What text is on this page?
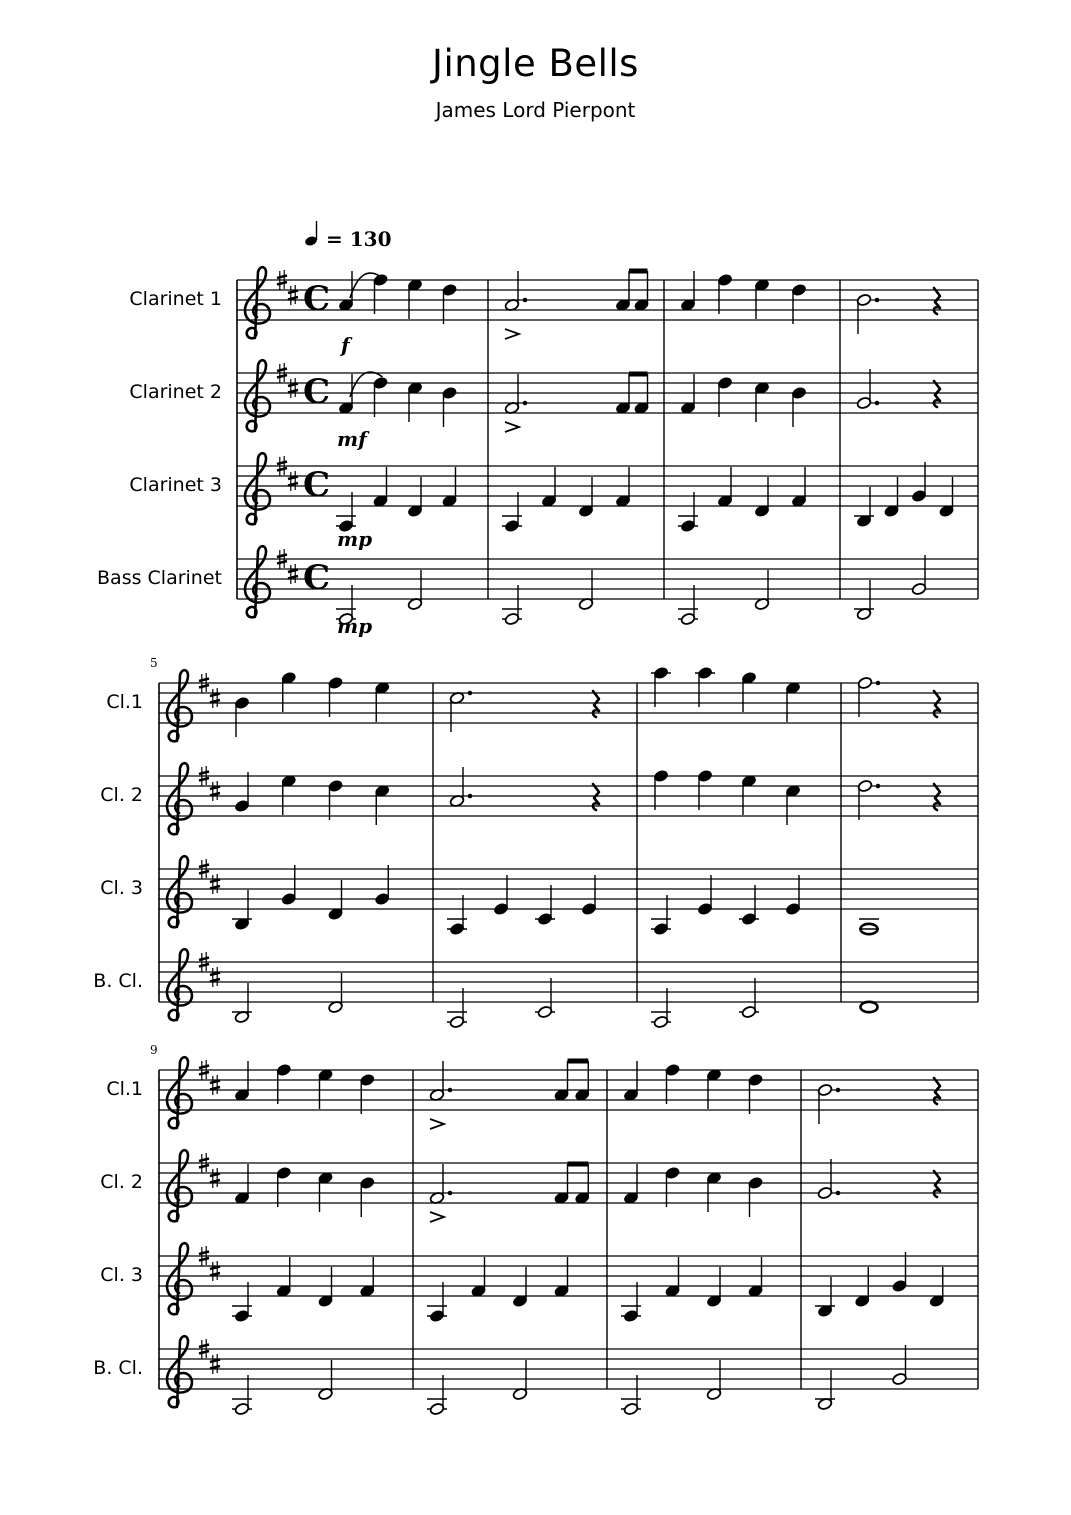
Jingle Bells
James Lord Pierpont
= 130
Clarinet 1 C
Clarinet 2 C
Clarinet 3 C
Bass Clarinet C
5
Cl.1
Cl. 2
Cl. 3
B. Cl.
9
Cl.1
Cl. 2
Cl. 3
B. Cl.
f
mf
mp
mp
